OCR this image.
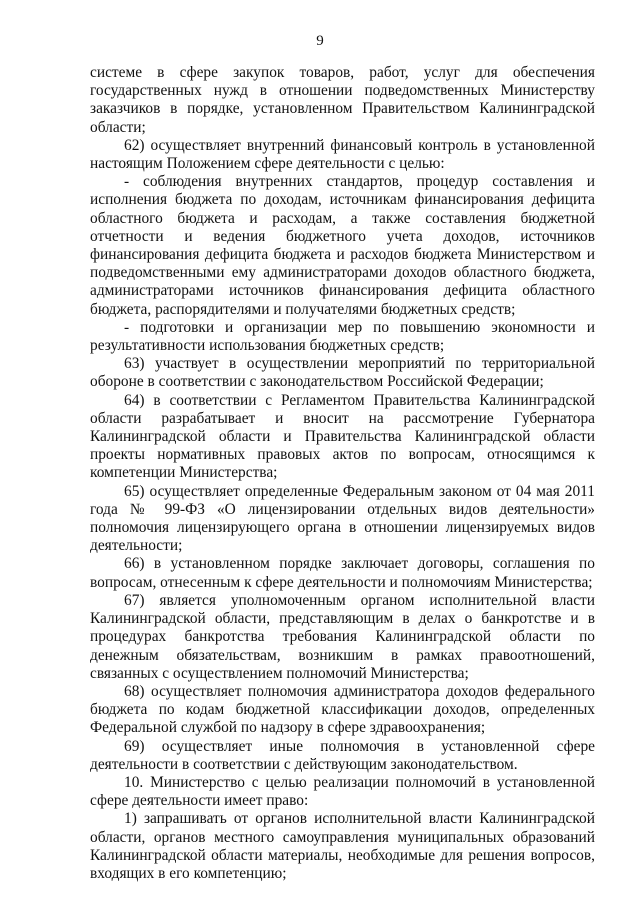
9

системе в сфере закупок товаров, работ, услуг для обеспечения государственных нужд в отношении подведомственных Министерству заказчиков в порядке, установленном Правительством Калининградской области;

62) осуществляет внутренний финансовый контроль в установленной настоящим Положением сфере деятельности с целью:

- соблюдения внутренних стандартов, процедур составления и исполнения бюджета по доходам, источникам финансирования дефицита областного бюджета и расходам, а также составления бюджетной отчетности и ведения бюджетного учета доходов, источников финансирования дефицита бюджета и расходов бюджета Министерством и подведомственными ему администраторами доходов областного бюджета, администраторами источников финансирования дефицита областного бюджета, распорядителями и получателями бюджетных средств;

- подготовки и организации мер по повышению экономности и результативности использования бюджетных средств;

63) участвует в осуществлении мероприятий по территориальной обороне в соответствии с законодательством Российской Федерации;

64) в соответствии с Регламентом Правительства Калининградской области разрабатывает и вносит на рассмотрение Губернатора Калининградской области и Правительства Калининградской области проекты нормативных правовых актов по вопросам, относящимся к компетенции Министерства;

65) осуществляет определенные Федеральным законом от 04 мая 2011 года № 99-ФЗ «О лицензировании отдельных видов деятельности» полномочия лицензирующего органа в отношении лицензируемых видов деятельности;

66) в установленном порядке заключает договоры, соглашения по вопросам, отнесенным к сфере деятельности и полномочиям Министерства;

67) является уполномоченным органом исполнительной власти Калининградской области, представляющим в делах о банкротстве и в процедурах банкротства требования Калининградской области по денежным обязательствам, возникшим в рамках правоотношений, связанных с осуществлением полномочий Министерства;

68) осуществляет полномочия администратора доходов федерального бюджета по кодам бюджетной классификации доходов, определенных Федеральной службой по надзору в сфере здравоохранения;

69) осуществляет иные полномочия в установленной сфере деятельности в соответствии с действующим законодательством.

10. Министерство с целью реализации полномочий в установленной сфере деятельности имеет право:

1) запрашивать от органов исполнительной власти Калининградской области, органов местного самоуправления муниципальных образований Калининградской области материалы, необходимые для решения вопросов, входящих в его компетенцию;
